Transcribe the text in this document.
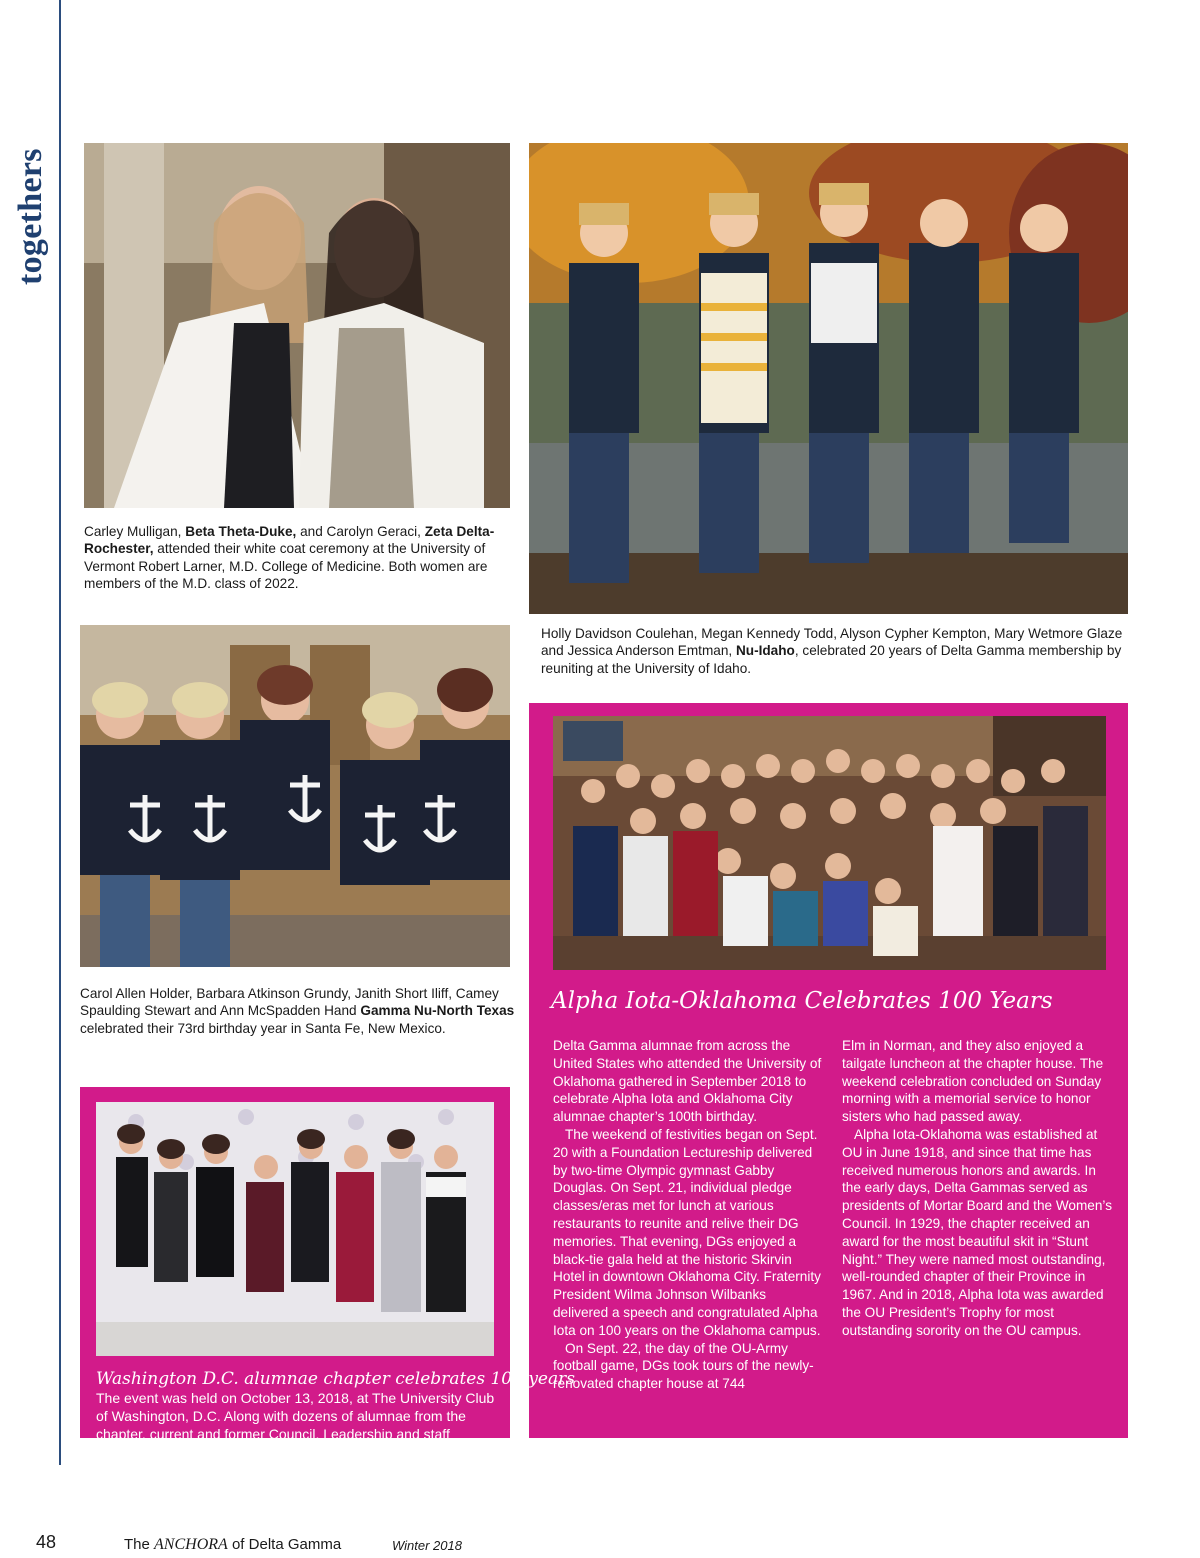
togethers
Carley Mulligan, Beta Theta-Duke, and Carolyn Geraci, Zeta Delta-Rochester, attended their white coat ceremony at the University of Vermont Robert Larner, M.D. College of Medicine. Both women are members of the M.D. class of 2022.
Holly Davidson Coulehan, Megan Kennedy Todd, Alyson Cypher Kempton, Mary Wetmore Glaze and Jessica Anderson Emtman, Nu-Idaho, celebrated 20 years of Delta Gamma membership by reuniting at the University of Idaho.
Carol Allen Holder, Barbara Atkinson Grundy, Janith Short Iliff, Camey Spaulding Stewart and Ann McSpadden Hand Gamma Nu-North Texas celebrated their 73rd birthday year in Santa Fe, New Mexico.
Alpha Iota-Oklahoma Celebrates 100 Years

Delta Gamma alumnae from across the United States who attended the University of Oklahoma gathered in September 2018 to celebrate Alpha Iota and Oklahoma City alumnae chapter’s 100th birthday.

The weekend of festivities began on Sept. 20 with a Foundation Lectureship delivered by two-time Olympic gymnast Gabby Douglas. On Sept. 21, individual pledge classes/eras met for lunch at various restaurants to reunite and relive their DG memories. That evening, DGs enjoyed a black-tie gala held at the historic Skirvin Hotel in downtown Oklahoma City. Fraternity President Wilma Johnson Wilbanks delivered a speech and congratulated Alpha Iota on 100 years on the Oklahoma campus.

On Sept. 22, the day of the OU-Army football game, DGs took tours of the newly-renovated chapter house at 744

Elm in Norman, and they also enjoyed a tailgate luncheon at the chapter house. The weekend celebration concluded on Sunday morning with a memorial service to honor sisters who had passed away.

Alpha Iota-Oklahoma was established at OU in June 1918, and since that time has received numerous honors and awards. In the early days, Delta Gammas served as presidents of Mortar Board and the Women’s Council. In 1929, the chapter received an award for the most beautiful skit in “Stunt Night.” They were named most outstanding, well-rounded chapter of their Province in 1967. And in 2018, Alpha Iota was awarded the OU President’s Trophy for most outstanding sorority on the OU campus.

Washington D.C. alumnae chapter celebrates 100 years
The event was held on October 13, 2018, at The University Club of Washington, D.C. Along with dozens of alumnae from the chapter, current and former Council, Leadership and staff members joined in the celebration.
48	The ANCHORA of Delta Gamma	Winter 2018
